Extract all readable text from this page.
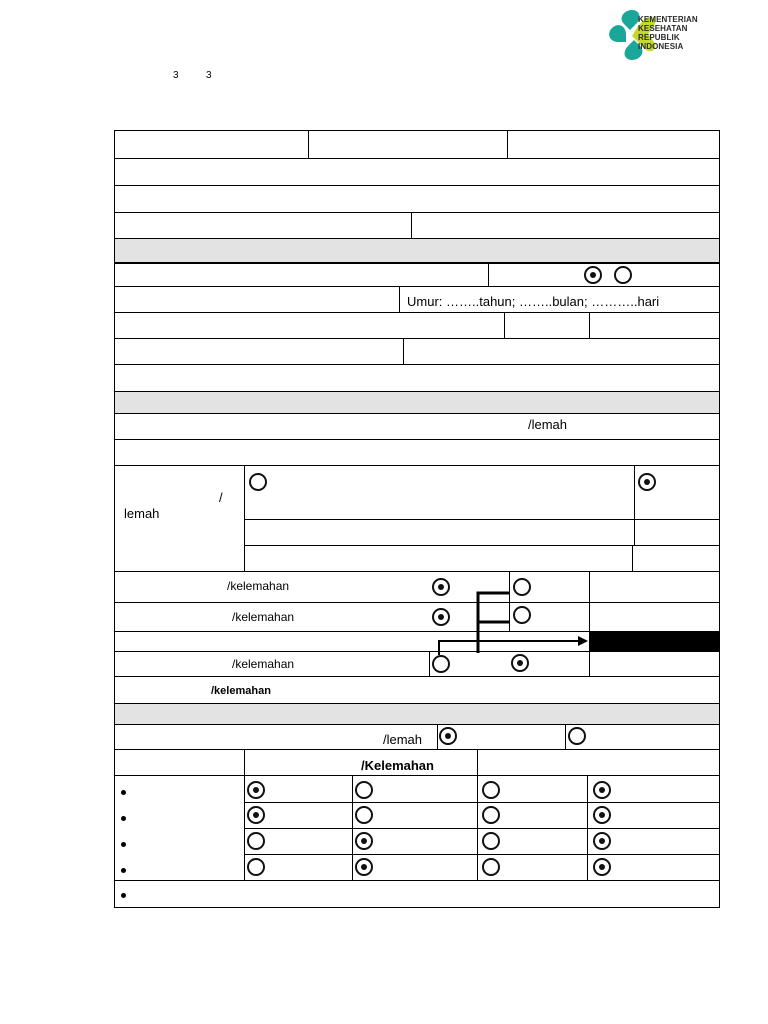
KEMENTERIAN
KESEHATAN
REPUBLIK
INDONESIA
3	3
Umur: ……..tahun; ……..bulan; ………..hari
/lemah
/
lemah
/kelemahan
/kelemahan
/kelemahan
/kelemahan
/lemah
/Kelemahan
